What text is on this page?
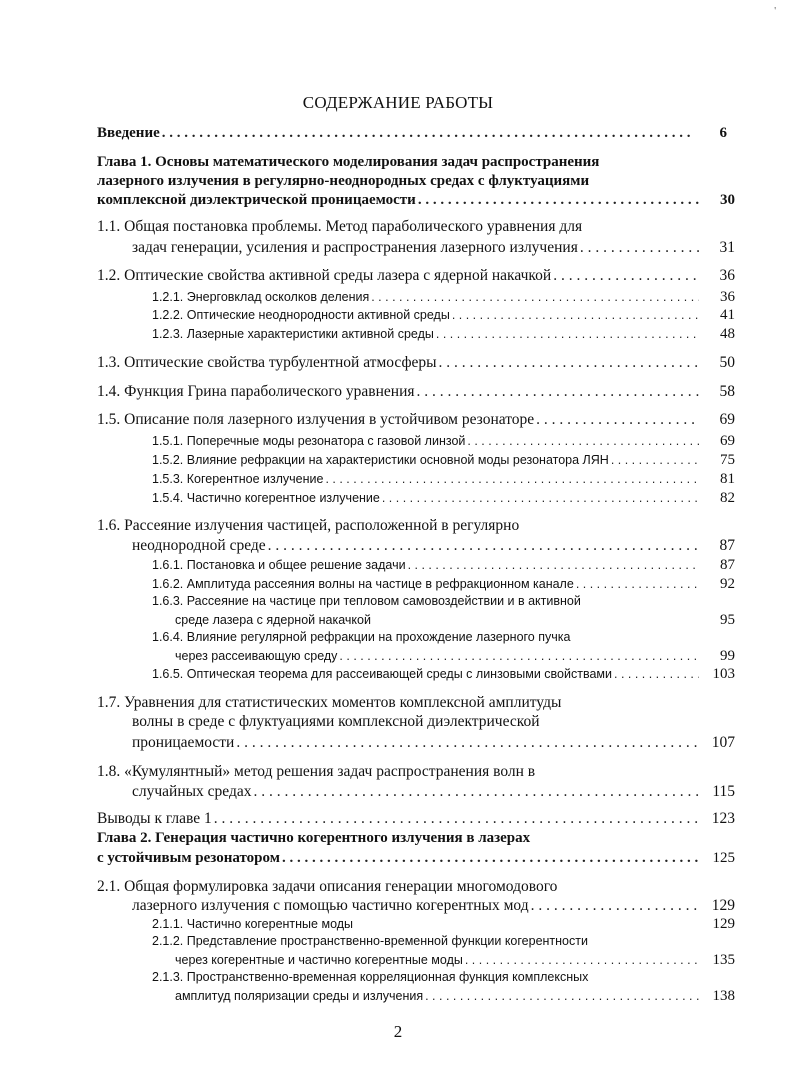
'
СОДЕРЖАНИЕ РАБОТЫ
Введение . . .	6
Глава 1. Основы математического моделирования задач распространения
лазерного излучения в регулярно-неоднородных средах с флуктуациями
комплексной диэлектрической проницаемости . . .	30
1.1. Общая постановка проблемы. Метод параболического уравнения для
задач генерации, усиления и распространения лазерного излучения . . .	31
1.2. Оптические свойства активной среды лазера с ядерной накачкой . . .	36
1.2.1. Энерговклад осколков деления . . .	36
1.2.2. Оптические неоднородности активной среды . . .	41
1.2.3. Лазерные характеристики активной среды . . .	48
1.3. Оптические свойства турбулентной атмосферы . . .	50
1.4. Функция Грина параболического уравнения . . .	58
1.5. Описание поля лазерного излучения в устойчивом резонаторе . . .	69
1.5.1. Поперечные моды резонатора с газовой линзой . . .	69
1.5.2. Влияние рефракции на характеристики основной моды резонатора ЛЯН . . .	75
1.5.3. Когерентное излучение . . .	81
1.5.4. Частично когерентное излучение . . .	82
1.6. Рассеяние излучения частицей, расположенной в регулярно
неоднородной среде . . .	87
1.6.1. Постановка и общее решение задачи . . .	87
1.6.2. Амплитуда рассеяния волны на частице в рефракционном канале . . .	92
1.6.3. Рассеяние на частице при тепловом самовоздействии и в активной
среде лазера с ядерной накачкой	95
1.6.4. Влияние регулярной рефракции на прохождение лазерного пучка
через рассеивающую среду . . .	99
1.6.5. Оптическая теорема для рассеивающей среды с линзовыми свойствами . . .	103
1.7. Уравнения для статистических моментов комплексной амплитуды
волны в среде с флуктуациями комплексной диэлектрической
проницаемости . . .	107
1.8. «Кумулянтный» метод решения задач распространения волн в
случайных средах . . .	115
Выводы к главе 1 . . .	123
Глава 2. Генерация частично когерентного излучения в лазерах
с устойчивым резонатором . . .	125
2.1. Общая формулировка задачи описания генерации многомодового
лазерного излучения с помощью частично когерентных мод . . .	129
2.1.1. Частично когерентные моды	129
2.1.2. Представление пространственно-временной функции когерентности
через когерентные и частично когерентные моды . . .	135
2.1.3. Пространственно-временная корреляционная функция комплексных
амплитуд поляризации среды и излучения . . .	138
2
